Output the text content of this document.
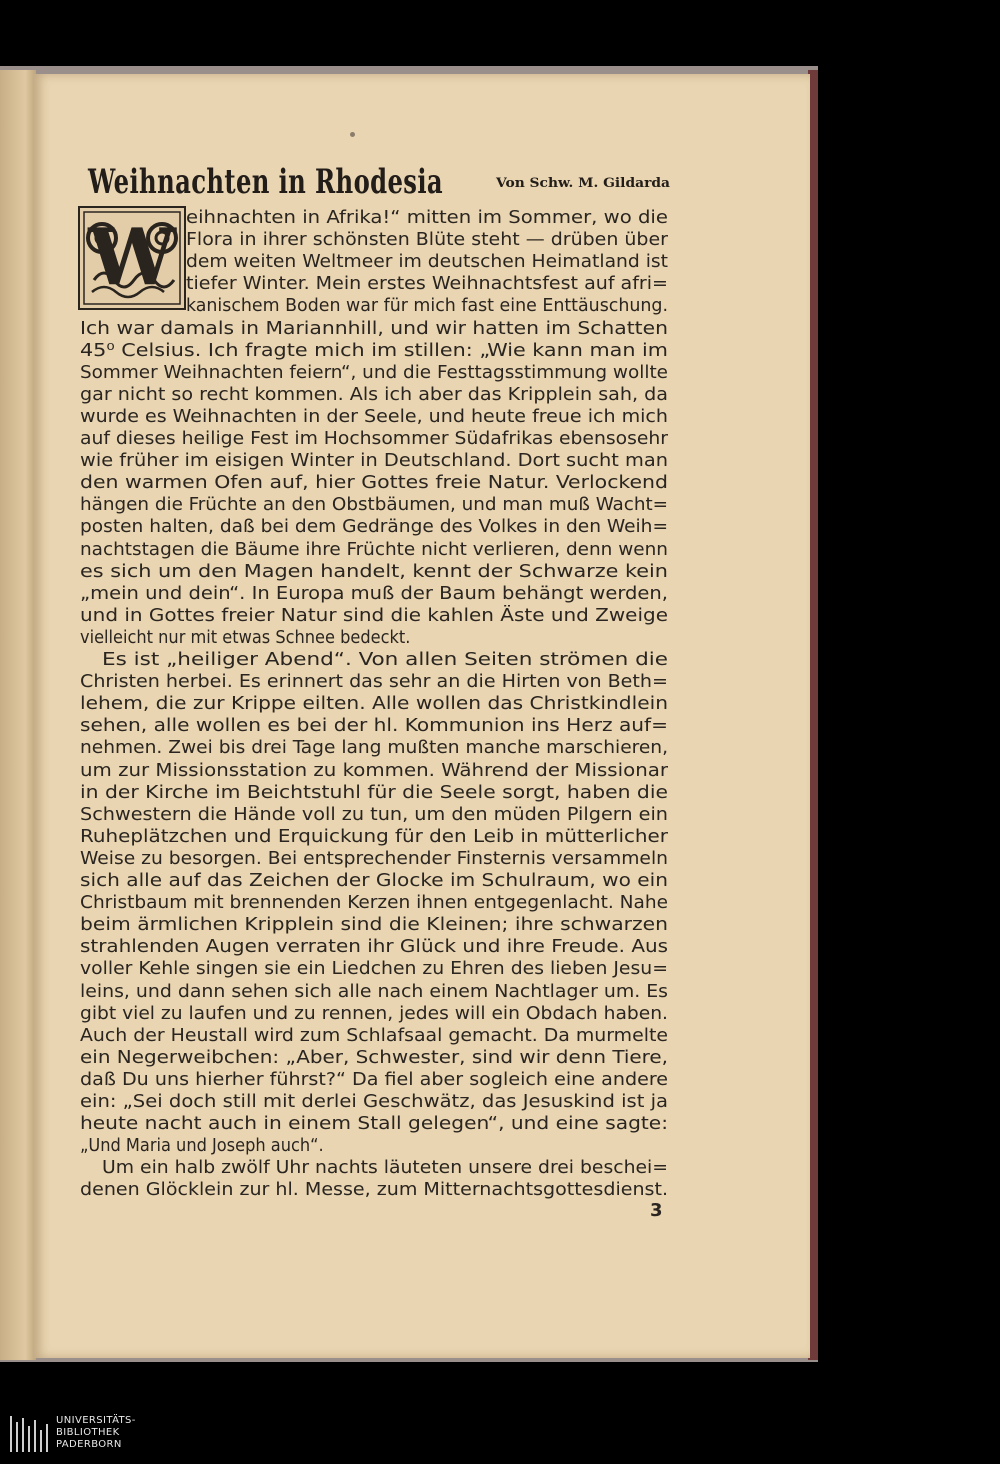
Weihnachten in Rhodesia	Von Schw. M. Gildarda
W eihnachten in Afrika!“ mitten im Sommer, wo die

Flora in ihrer schönsten Blüte steht — drüben über

dem weiten Weltmeer im deutschen Heimatland ist

tiefer Winter. Mein erstes Weihnachtsfest auf afri=

kanischem Boden war für mich fast eine Enttäuschung.

Ich war damals in Mariannhill, und wir hatten im Schatten

45⁰ Celsius. Ich fragte mich im stillen: „Wie kann man im

Sommer Weihnachten feiern“, und die Festtagsstimmung wollte

gar nicht so recht kommen. Als ich aber das Kripplein sah, da

wurde es Weihnachten in der Seele, und heute freue ich mich

auf dieses heilige Fest im Hochsommer Südafrikas ebensosehr

wie früher im eisigen Winter in Deutschland. Dort sucht man

den warmen Ofen auf, hier Gottes freie Natur. Verlockend

hängen die Früchte an den Obstbäumen, und man muß Wacht=

posten halten, daß bei dem Gedränge des Volkes in den Weih=

nachtstagen die Bäume ihre Früchte nicht verlieren, denn wenn

es sich um den Magen handelt, kennt der Schwarze kein

„mein und dein“. In Europa muß der Baum behängt werden,

und in Gottes freier Natur sind die kahlen Äste und Zweige

vielleicht nur mit etwas Schnee bedeckt.

Es ist „heiliger Abend“. Von allen Seiten strömen die

Christen herbei. Es erinnert das sehr an die Hirten von Beth=

lehem, die zur Krippe eilten. Alle wollen das Christkindlein

sehen, alle wollen es bei der hl. Kommunion ins Herz auf=

nehmen. Zwei bis drei Tage lang mußten manche marschieren,

um zur Missionsstation zu kommen. Während der Missionar

in der Kirche im Beichtstuhl für die Seele sorgt, haben die

Schwestern die Hände voll zu tun, um den müden Pilgern ein

Ruheplätzchen und Erquickung für den Leib in mütterlicher

Weise zu besorgen. Bei entsprechender Finsternis versammeln

sich alle auf das Zeichen der Glocke im Schulraum, wo ein

Christbaum mit brennenden Kerzen ihnen entgegenlacht. Nahe

beim ärmlichen Kripplein sind die Kleinen; ihre schwarzen

strahlenden Augen verraten ihr Glück und ihre Freude. Aus

voller Kehle singen sie ein Liedchen zu Ehren des lieben Jesu=

leins, und dann sehen sich alle nach einem Nachtlager um. Es

gibt viel zu laufen und zu rennen, jedes will ein Obdach haben.

Auch der Heustall wird zum Schlafsaal gemacht. Da murmelte

ein Negerweibchen: „Aber, Schwester, sind wir denn Tiere,

daß Du uns hierher führst?“ Da fiel aber sogleich eine andere

ein: „Sei doch still mit derlei Geschwätz, das Jesuskind ist ja

heute nacht auch in einem Stall gelegen“, und eine sagte:

„Und Maria und Joseph auch“.

Um ein halb zwölf Uhr nachts läuteten unsere drei beschei=

denen Glöcklein zur hl. Messe, zum Mitternachtsgottesdienst.

3

UNIVERSITÄTS-
BIBLIOTHEK
PADERBORN
